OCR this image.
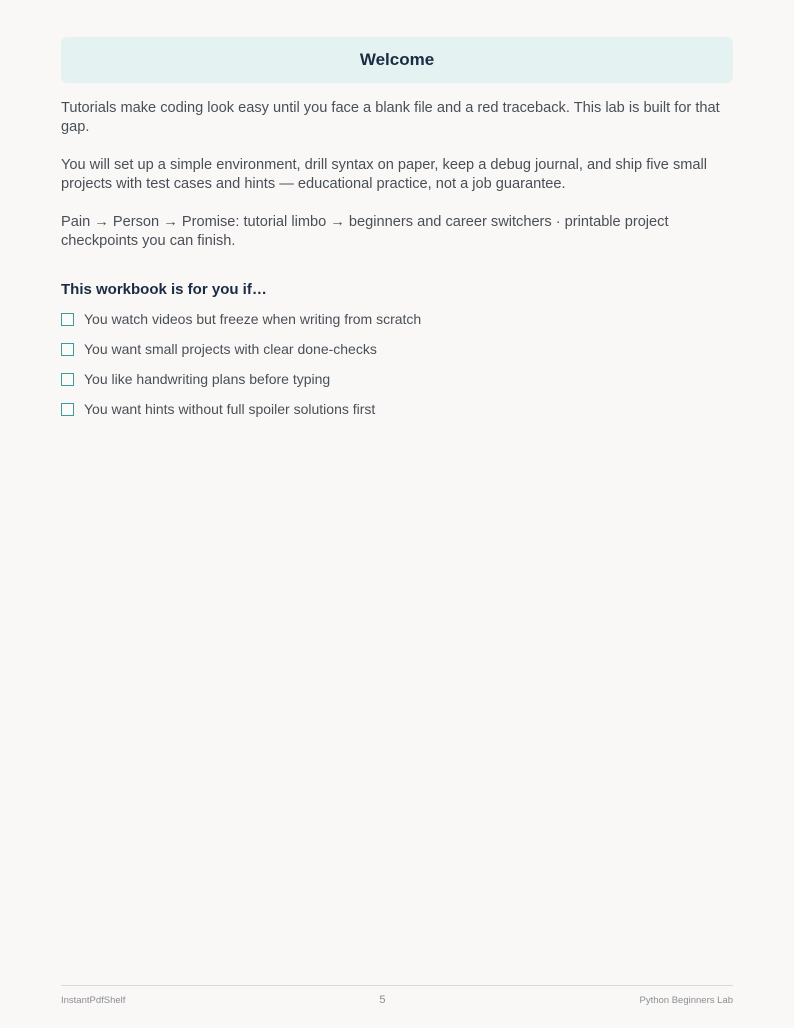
Welcome

Tutorials make coding look easy until you face a blank file and a red traceback. This lab is built for that gap.

You will set up a simple environment, drill syntax on paper, keep a debug journal, and ship five small projects with test cases and hints — educational practice, not a job guarantee.

Pain → Person → Promise: tutorial limbo → beginners and career switchers · printable project checkpoints you can finish.

This workbook is for you if…
You watch videos but freeze when writing from scratch
You want small projects with clear done-checks
You like handwriting plans before typing
You want hints without full spoiler solutions first
InstantPdfShelf	5	Python Beginners Lab
